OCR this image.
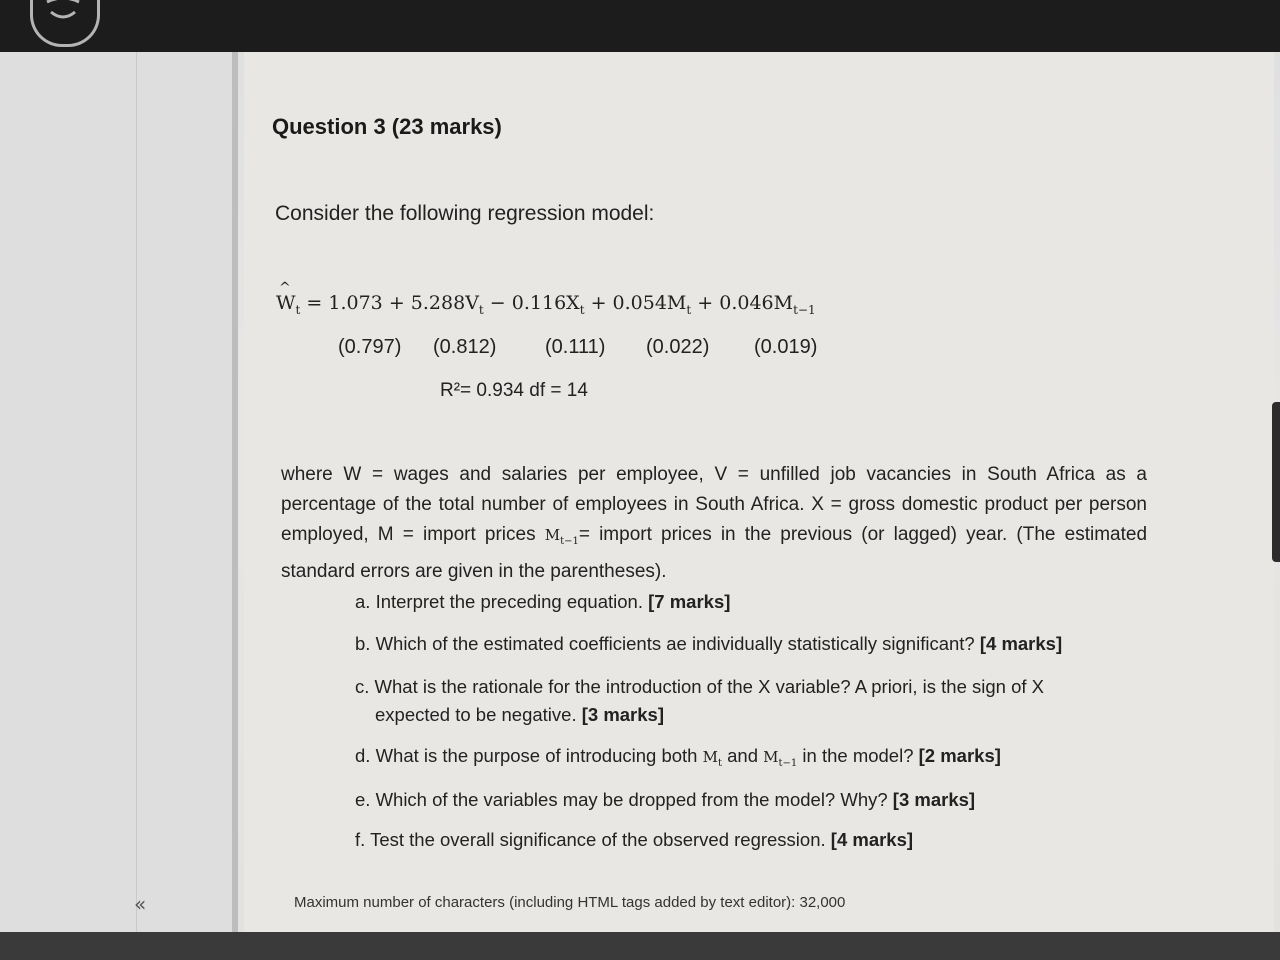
«
Question 3 (23 marks)
Consider the following regression model:
^ $W_t = 1.073 + 5.288V_t - 0.116X_t + 0.054M_t + 0.046M_{t-1}$
(0.797) (0.812) (0.111) (0.022) (0.019)
R²= 0.934 df = 14
where W = wages and salaries per employee, V = unfilled job vacancies in South Africa as a percentage of the total number of employees in South Africa. X = gross domestic product per person employed, M = import prices $M_{t-1}=$ import prices in the previous (or lagged) year. (The estimated standard errors are given in the parentheses).
a. Interpret the preceding equation. [7 marks]
b. Which of the estimated coefficients ae individually statistically significant? [4 marks]
c. What is the rationale for the introduction of the X variable? A priori, is the sign of X
expected to be negative. [3 marks]
d. What is the purpose of introducing both $M_t$ and $M_{t-1}$ in the model? [2 marks]
e. Which of the variables may be dropped from the model? Why? [3 marks]
f. Test the overall significance of the observed regression. [4 marks]
Maximum number of characters (including HTML tags added by text editor): 32,000
